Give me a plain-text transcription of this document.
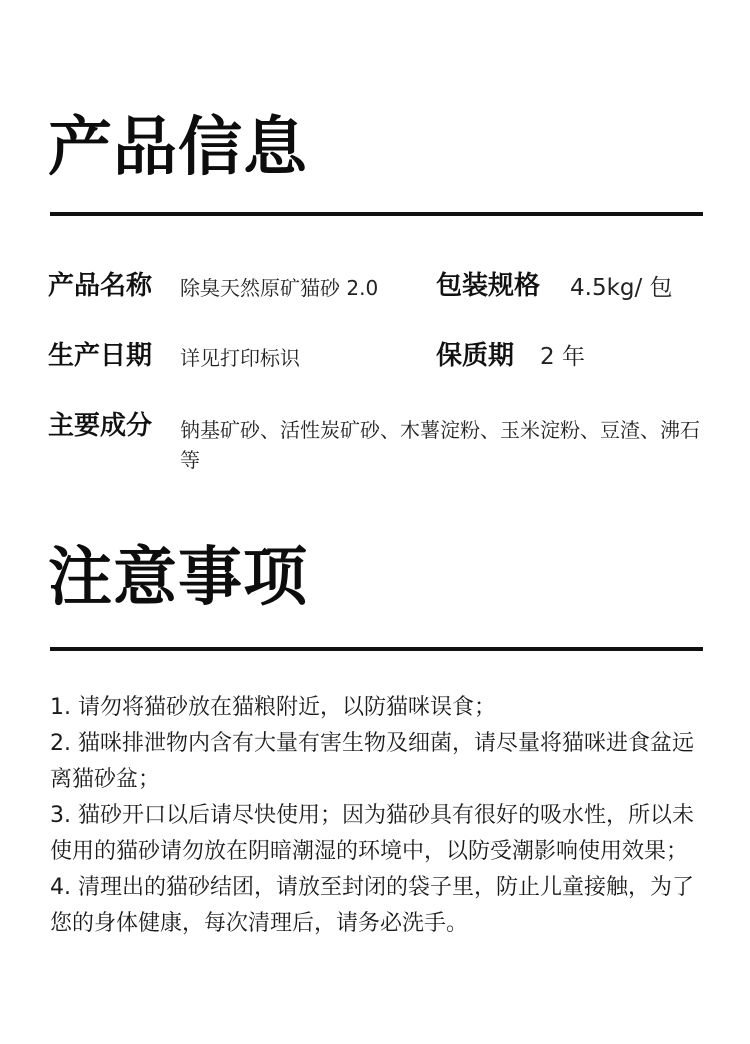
产品信息
产品名称 除臭天然原矿猫砂 2.0 包装规格 4.5kg/ 包
生产日期 详见打印标识	保质期 2 年
主要成分 钠基矿砂、活性炭矿砂、木薯淀粉、玉米淀粉、豆渣、沸石等
注意事项
1. 请勿将猫砂放在猫粮附近，以防猫咪误食；
2. 猫咪排泄物内含有大量有害生物及细菌，请尽量将猫咪进食盆远离猫砂盆；
3. 猫砂开口以后请尽快使用；因为猫砂具有很好的吸水性，所以未使用的猫砂请勿放在阴暗潮湿的环境中，以防受潮影响使用效果；
4. 清理出的猫砂结团，请放至封闭的袋子里，防止儿童接触，为了您的身体健康，每次清理后，请务必洗手。
